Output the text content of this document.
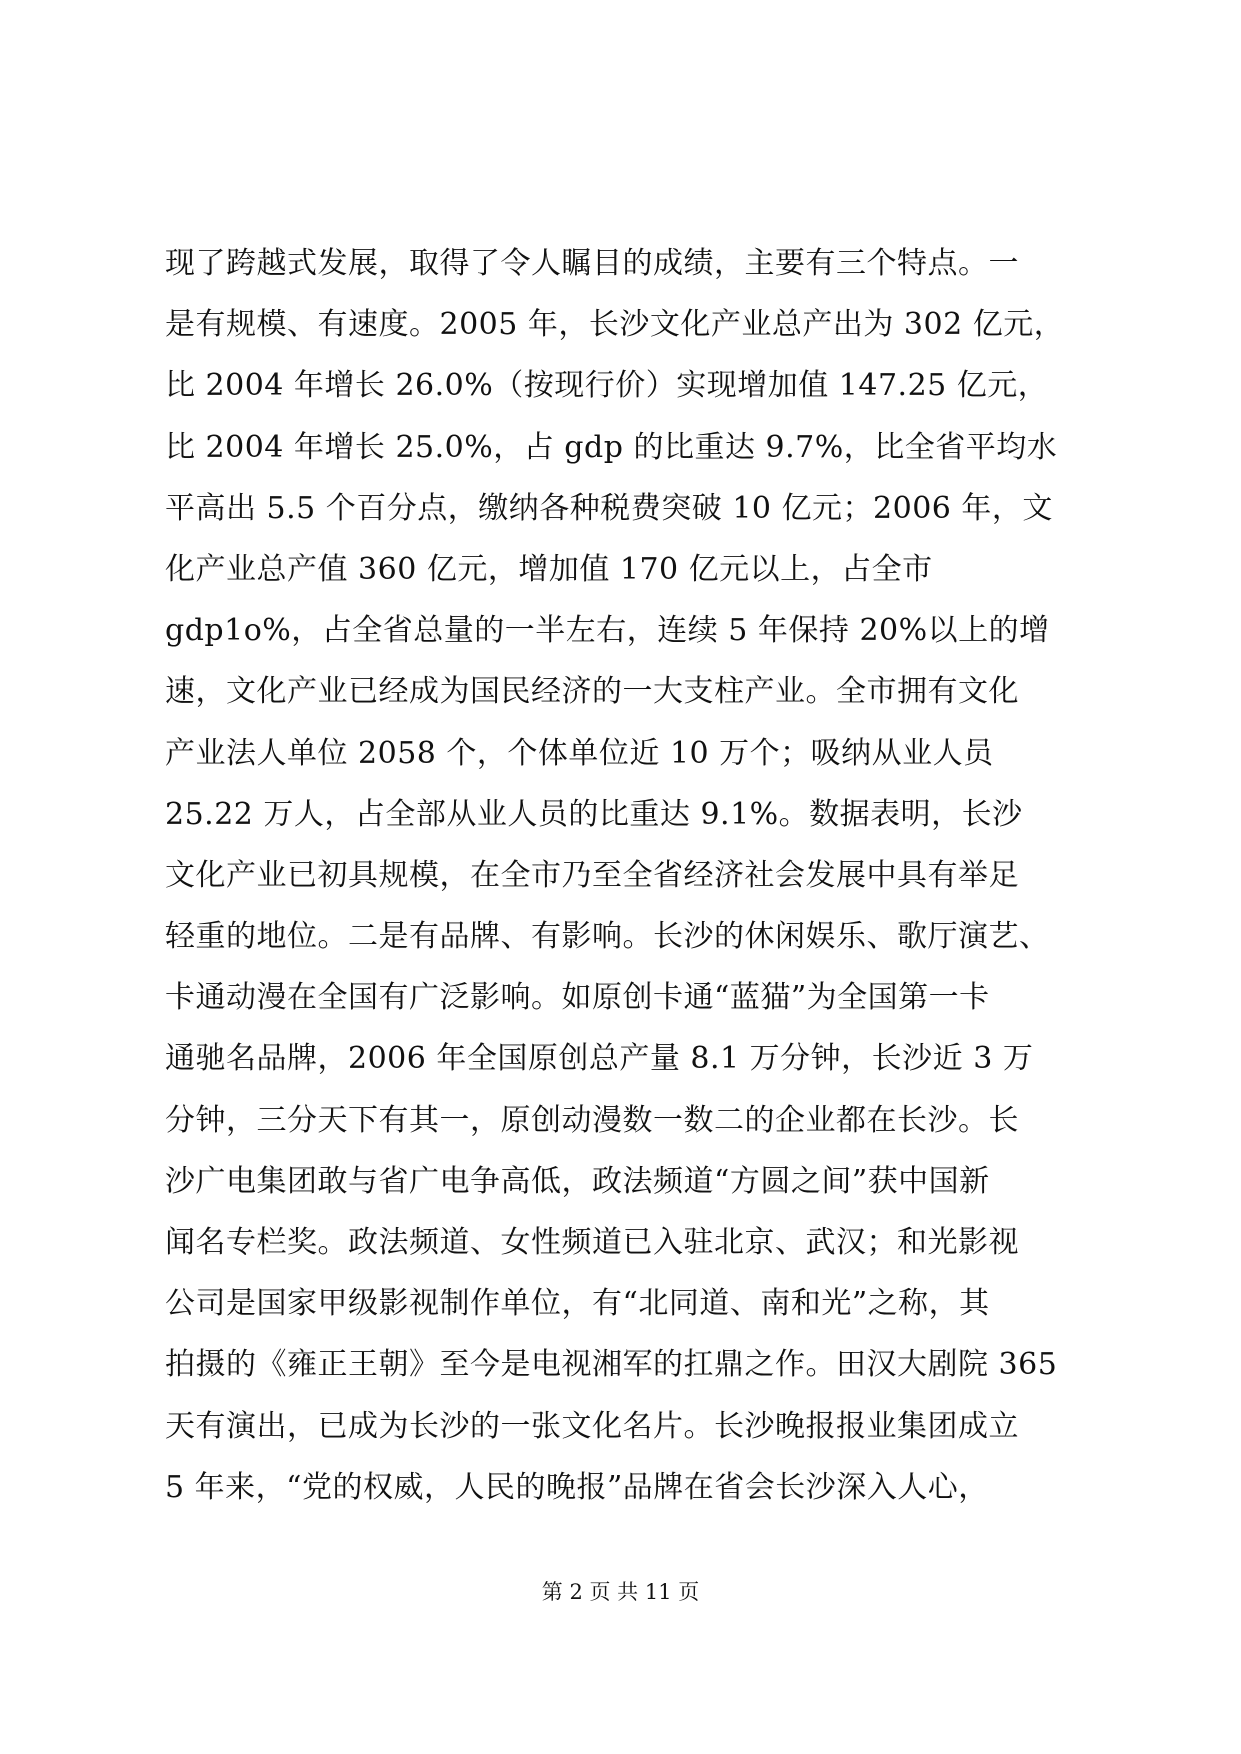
现了跨越式发展，取得了令人瞩目的成绩，主要有三个特点。一
是有规模、有速度。2005 年，长沙文化产业总产出为 302 亿元，
比 2004 年增长 26.0%（按现行价）实现增加值 147.25 亿元，
比 2004 年增长 25.0%，占 gdp 的比重达 9.7%，比全省平均水
平高出 5.5 个百分点，缴纳各种税费突破 10 亿元；2006 年，文
化产业总产值 360 亿元，增加值 170 亿元以上，占全市
gdp1o%，占全省总量的一半左右，连续 5 年保持 20%以上的增
速，文化产业已经成为国民经济的一大支柱产业。全市拥有文化
产业法人单位 2058 个，个体单位近 10 万个；吸纳从业人员
25.22 万人，占全部从业人员的比重达 9.1%。数据表明，长沙
文化产业已初具规模，在全市乃至全省经济社会发展中具有举足
轻重的地位。二是有品牌、有影响。长沙的休闲娱乐、歌厅演艺、
卡通动漫在全国有广泛影响。如原创卡通“蓝猫”为全国第一卡
通驰名品牌，2006 年全国原创总产量 8.1 万分钟，长沙近 3 万
分钟，三分天下有其一，原创动漫数一数二的企业都在长沙。长
沙广电集团敢与省广电争高低，政法频道“方圆之间”获中国新
闻名专栏奖。政法频道、女性频道已入驻北京、武汉；和光影视
公司是国家甲级影视制作单位，有“北同道、南和光”之称，其
拍摄的《雍正王朝》至今是电视湘军的扛鼎之作。田汉大剧院 365
天有演出，已成为长沙的一张文化名片。长沙晚报报业集团成立
5 年来，“党的权威，人民的晚报”品牌在省会长沙深入人心，
第 2 页 共 11 页
